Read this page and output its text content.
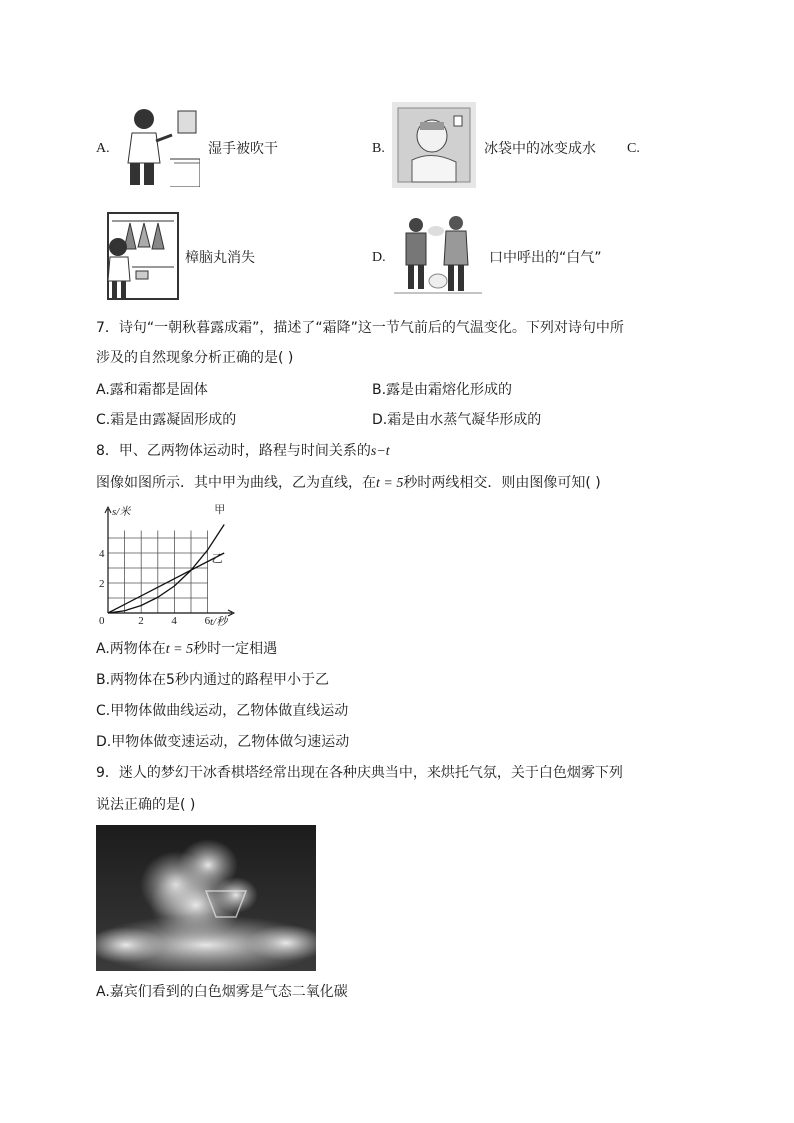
A.	湿手被吹干	B.	冰袋中的冰变成水 C.
樟脑丸消失	D.	口中呼出的“白气”
7．诗句“一朝秋暮露成霜”，描述了“霜降”这一节气前后的气温变化。下列对诗句中所
涉及的自然现象分析正确的是( )
A.露和霜都是固体	B.露是由霜熔化形成的
C.霜是由露凝固形成的	D.霜是由水蒸气凝华形成的
8．甲、乙两物体运动时，路程与时间关系的s−t
图像如图所示．其中甲为曲线，乙为直线，在t = 5秒时两线相交．则由图像可知( )
0	2	4	6
2
4
s/米
t/秒
甲
乙
A.两物体在t = 5秒时一定相遇
B.两物体在5秒内通过的路程甲小于乙
C.甲物体做曲线运动，乙物体做直线运动
D.甲物体做变速运动，乙物体做匀速运动
9．迷人的梦幻干冰香棋塔经常出现在各种庆典当中，来烘托气氛，关于白色烟雾下列
说法正确的是( )
A.嘉宾们看到的白色烟雾是气态二氧化碳
